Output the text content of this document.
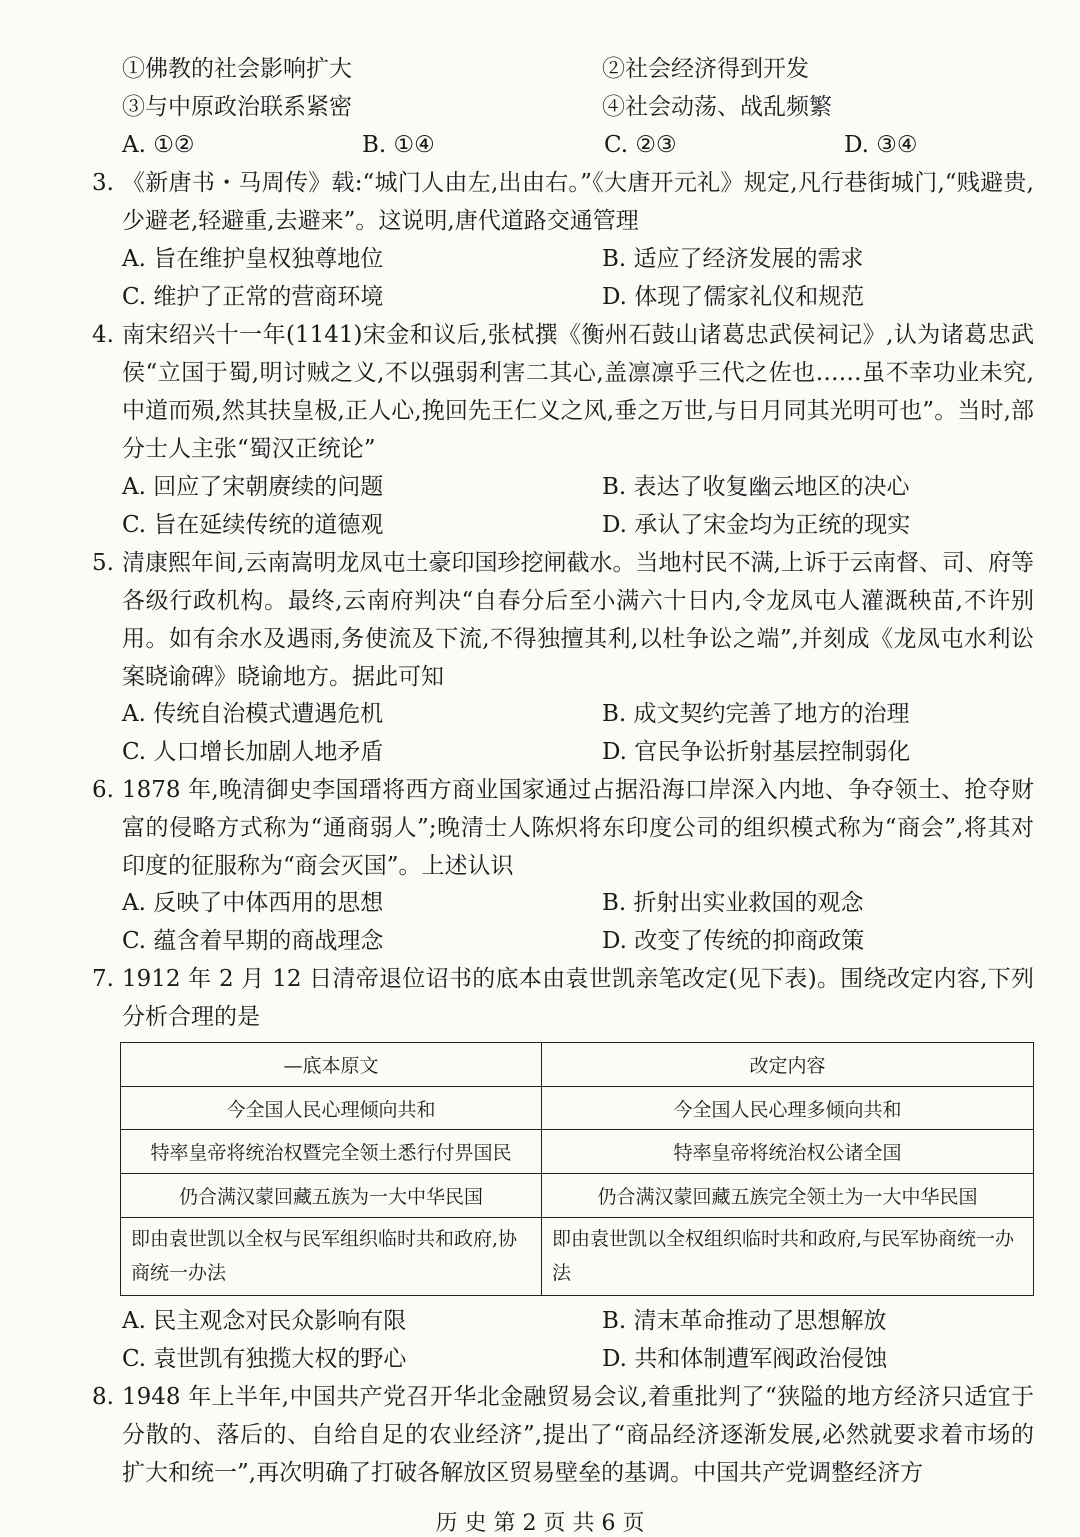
①佛教的社会影响扩大	②社会经济得到开发
③与中原政治联系紧密	④社会动荡、战乱频繁
A. ①②	B. ①④	C. ②③	D. ③④
3. 《新唐书・马周传》载:“城门人由左,出由右。”《大唐开元礼》规定,凡行巷街城门,“贱避贵,少避老,轻避重,去避来”。这说明,唐代道路交通管理
A. 旨在维护皇权独尊地位	B. 适应了经济发展的需求
C. 维护了正常的营商环境	D. 体现了儒家礼仪和规范
4. 南宋绍兴十一年(1141)宋金和议后,张栻撰《衡州石鼓山诸葛忠武侯祠记》,认为诸葛忠武侯“立国于蜀,明讨贼之义,不以强弱利害二其心,盖凛凛乎三代之佐也……虽不幸功业未究,中道而殒,然其扶皇极,正人心,挽回先王仁义之风,垂之万世,与日月同其光明可也”。当时,部分士人主张“蜀汉正统论”
A. 回应了宋朝赓续的问题	B. 表达了收复幽云地区的决心
C. 旨在延续传统的道德观	D. 承认了宋金均为正统的现实
5. 清康熙年间,云南嵩明龙凤屯土豪印国珍挖闸截水。当地村民不满,上诉于云南督、司、府等各级行政机构。最终,云南府判决“自春分后至小满六十日内,令龙凤屯人灌溉秧苗,不许别用。如有余水及遇雨,务使流及下流,不得独擅其利,以杜争讼之端”,并刻成《龙凤屯水利讼案晓谕碑》晓谕地方。据此可知
A. 传统自治模式遭遇危机	B. 成文契约完善了地方的治理
C. 人口增长加剧人地矛盾	D. 官民争讼折射基层控制弱化
6. 1878 年,晚清御史李国瑨将西方商业国家通过占据沿海口岸深入内地、争夺领土、抢夺财富的侵略方式称为“通商弱人”;晚清士人陈炽将东印度公司的组织模式称为“商会”,将其对印度的征服称为“商会灭国”。上述认识
A. 反映了中体西用的思想	B. 折射出实业救国的观念
C. 蕴含着早期的商战理念	D. 改变了传统的抑商政策
7. 1912 年 2 月 12 日清帝退位诏书的底本由袁世凯亲笔改定(见下表)。围绕改定内容,下列分析合理的是
—底本原文	改定内容
今全国人民心理倾向共和	今全国人民心理多倾向共和
特率皇帝将统治权暨完全领土悉行付畀国民	特率皇帝将统治权公诸全国
仍合满汉蒙回藏五族为一大中华民国	仍合满汉蒙回藏五族完全领土为一大中华民国
即由袁世凯以全权与民军组织临时共和政府,协商统一办法	即由袁世凯以全权组织临时共和政府,与民军协商统一办法
A. 民主观念对民众影响有限	B. 清末革命推动了思想解放
C. 袁世凯有独揽大权的野心	D. 共和体制遭军阀政治侵蚀
8. 1948 年上半年,中国共产党召开华北金融贸易会议,着重批判了“狭隘的地方经济只适宜于分散的、落后的、自给自足的农业经济”,提出了“商品经济逐渐发展,必然就要求着市场的扩大和统一”,再次明确了打破各解放区贸易壁垒的基调。中国共产党调整经济方
历 史 第 2 页 共 6 页
